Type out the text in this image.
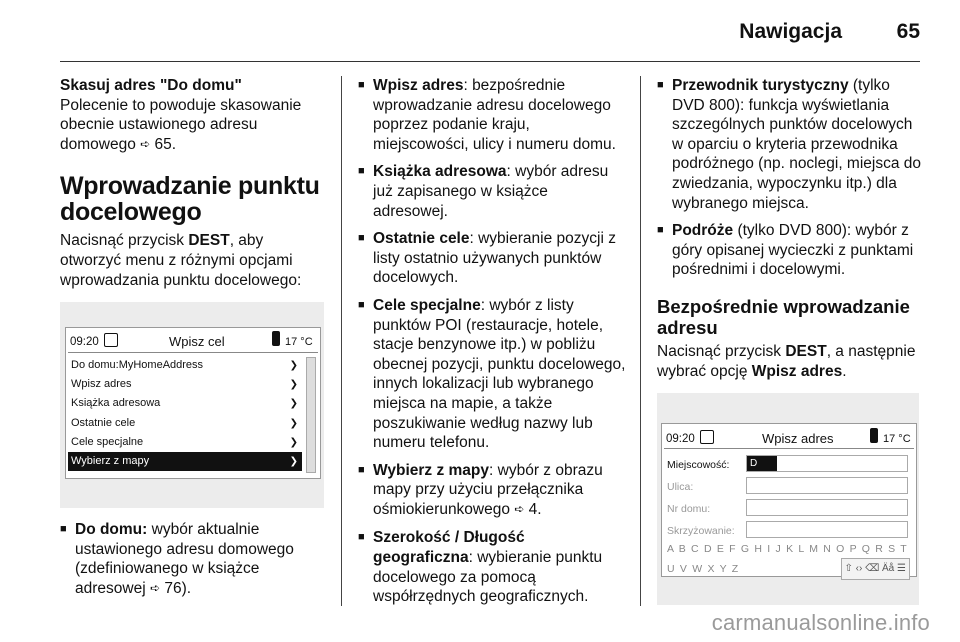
Nawigacja	65

Skasuj adres "Do domu"

Polecenie to powoduje skasowanie obecnie ustawionego adresu domowego ➪ 65.

Wprowadzanie punktu docelowego

Nacisnąć przycisk DEST, aby otworzyć menu z różnymi opcjami wprowadzania punktu docelowego:

09:20	Wpisz cel	17 °C
Do domu:MyHomeAddress	❯
Wpisz adres	❯
Książka adresowa	❯
Ostatnie cele	❯
Cele specjalne	❯
Wybierz z mapy	❯
■ Do domu: wybór aktualnie ustawionego adresu domowego (zdefiniowanego w książce adresowej ➪ 76).
■ Wpisz adres: bezpośrednie wprowadzanie adresu docelowego poprzez podanie kraju, miejscowości, ulicy i numeru domu.
■ Książka adresowa: wybór adresu już zapisanego w książce adresowej.
■ Ostatnie cele: wybieranie pozycji z listy ostatnio używanych punktów docelowych.
■ Cele specjalne: wybór z listy punktów POI (restauracje, hotele, stacje benzynowe itp.) w pobliżu obecnej pozycji, punktu docelowego, innych lokalizacji lub wybranego miejsca na mapie, a także poszukiwanie według nazwy lub numeru telefonu.
■ Wybierz z mapy: wybór z obrazu mapy przy użyciu przełącznika ośmiokierunkowego ➪ 4.
■ Szerokość / Długość geograficzna: wybieranie punktu docelowego za pomocą współrzędnych geograficznych.
■ Przewodnik turystyczny (tylko DVD 800): funkcja wyświetlania szczególnych punktów docelowych w oparciu o kryteria przewodnika podróżnego (np. noclegi, miejsca do zwiedzania, wypoczynku itp.) dla wybranego miejsca.
■ Podróże (tylko DVD 800): wybór z góry opisanej wycieczki z punktami pośrednimi i docelowymi.

Bezpośrednie wprowadzanie adresu

Nacisnąć przycisk DEST, a następnie wybrać opcję Wpisz adres.

09:20	Wpisz adres	17 °C
Miejscowość:	D
Ulica:
Nr domu:
Skrzyżowanie:
A B C D E F G H I J K L M N O P Q R S T U V W X Y Z	⇧ ‹› ⌫ Äå ☰
carmanualsonline.info
